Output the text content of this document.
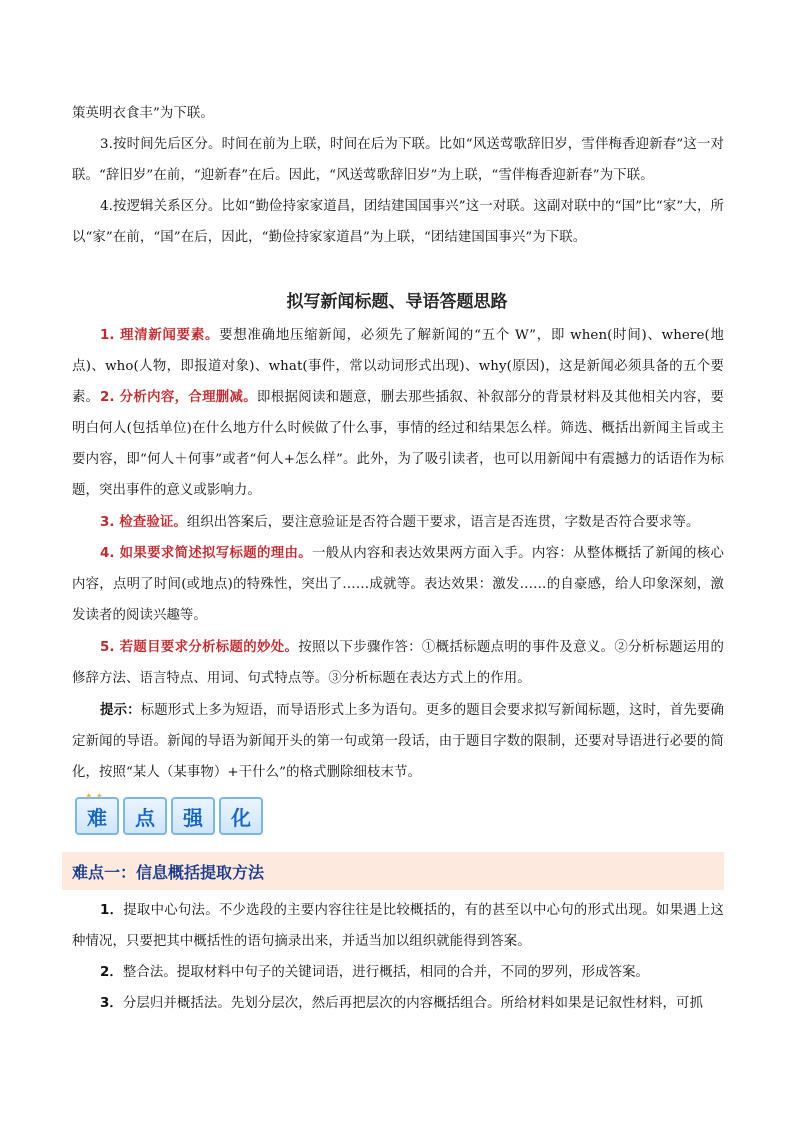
策英明衣食丰”为下联。

3.按时间先后区分。时间在前为上联，时间在后为下联。比如“风送莺歌辞旧岁，雪伴梅香迎新春”这一对联。“辞旧岁”在前，“迎新春”在后。因此，“风送莺歌辞旧岁”为上联，“雪伴梅香迎新春”为下联。

4.按逻辑关系区分。比如“勤俭持家家道昌，团结建国国事兴”这一对联。这副对联中的“国”比“家”大，所以“家”在前，“国”在后，因此，“勤俭持家家道昌”为上联，“团结建国国事兴”为下联。

拟写新闻标题、导语答题思路

1. 理清新闻要素。要想准确地压缩新闻，必须先了解新闻的“五个 W”，即 when(时间)、where(地点)、who(人物，即报道对象)、what(事件，常以动词形式出现)、why(原因)，这是新闻必须具备的五个要素。 2. 分析内容，合理删减。即根据阅读和题意，删去那些插叙、补叙部分的背景材料及其他相关内容，要明白何人(包括单位)在什么地方什么时候做了什么事，事情的经过和结果怎么样。筛选、概括出新闻主旨或主要内容，即“何人＋何事”或者“何人+怎么样”。此外，为了吸引读者，也可以用新闻中有震撼力的话语作为标题，突出事件的意义或影响力。

3. 检查验证。组织出答案后，要注意验证是否符合题干要求，语言是否连贯，字数是否符合要求等。

4. 如果要求简述拟写标题的理由。一般从内容和表达效果两方面入手。内容：从整体概括了新闻的核心内容，点明了时间(或地点)的特殊性，突出了……成就等。表达效果：激发……的自豪感，给人印象深刻，激发读者的阅读兴趣等。

5. 若题目要求分析标题的妙处。按照以下步骤作答：①概括标题点明的事件及意义。②分析标题运用的修辞方法、语言特点、用词、句式特点等。③分析标题在表达方式上的作用。

提示：标题形式上多为短语，而导语形式上多为语句。更多的题目会要求拟写新闻标题，这时，首先要确定新闻的导语。新闻的导语为新闻开头的第一句或第一段话，由于题目字数的限制，还要对导语进行必要的简化，按照“某人（某事物）+干什么”的格式删除细枝末节。

✦ ✦
难 点 强 化
难点一：信息概括提取方法

1．提取中心句法。不少选段的主要内容往往是比较概括的，有的甚至以中心句的形式出现。如果遇上这种情况，只要把其中概括性的语句摘录出来，并适当加以组织就能得到答案。

2．整合法。提取材料中句子的关键词语，进行概括，相同的合并，不同的罗列，形成答案。

3．分层归并概括法。先划分层次，然后再把层次的内容概括组合。所给材料如果是记叙性材料，可抓
